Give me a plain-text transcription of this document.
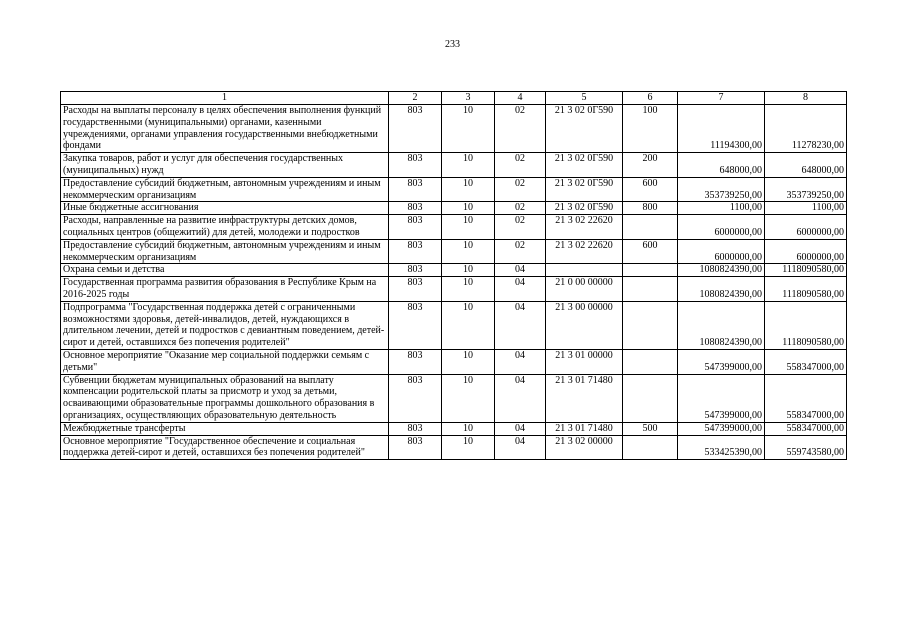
233
1	2	3	4	5	6	7	8
Расходы на выплаты персоналу в целях обеспечения выполнения функций государственными (муниципальными) органами, казенными учреждениями, органами управления государственными внебюджетными фондами	803	10	02	21 3 02 0Г590	100	11194300,00	11278230,00
Закупка товаров, работ и услуг для обеспечения государственных (муниципальных) нужд	803	10	02	21 3 02 0Г590	200	648000,00	648000,00
Предоставление субсидий бюджетным, автономным учреждениям и иным некоммерческим организациям	803	10	02	21 3 02 0Г590	600	353739250,00	353739250,00
Иные бюджетные ассигнования	803	10	02	21 3 02 0Г590	800	1100,00	1100,00
Расходы, направленные на развитие инфраструктуры детских домов, социальных центров (общежитий) для детей, молодежи и подростков	803	10	02	21 3 02 22620		6000000,00	6000000,00
Предоставление субсидий бюджетным, автономным учреждениям и иным некоммерческим организациям	803	10	02	21 3 02 22620	600	6000000,00	6000000,00
Охрана семьи и детства	803	10	04			1080824390,00	1118090580,00
Государственная программа развития образования в Республике Крым на 2016-2025 годы	803	10	04	21 0 00 00000		1080824390,00	1118090580,00
Подпрограмма "Государственная поддержка детей с ограниченными возможностями здоровья, детей-инвалидов, детей, нуждающихся в длительном лечении, детей и подростков с девиантным поведением, детей-сирот и детей, оставшихся без попечения родителей"	803	10	04	21 3 00 00000		1080824390,00	1118090580,00
Основное мероприятие "Оказание мер социальной поддержки семьям с детьми"	803	10	04	21 3 01 00000		547399000,00	558347000,00
Субвенции бюджетам муниципальных образований на выплату компенсации родительской платы за присмотр и уход за детьми, осваивающими образовательные программы дошкольного образования в организациях, осуществляющих образовательную деятельность	803	10	04	21 3 01 71480		547399000,00	558347000,00
Межбюджетные трансферты	803	10	04	21 3 01 71480	500	547399000,00	558347000,00
Основное мероприятие "Государственное обеспечение и социальная поддержка детей-сирот и детей, оставшихся без попечения родителей"	803	10	04	21 3 02 00000		533425390,00	559743580,00
